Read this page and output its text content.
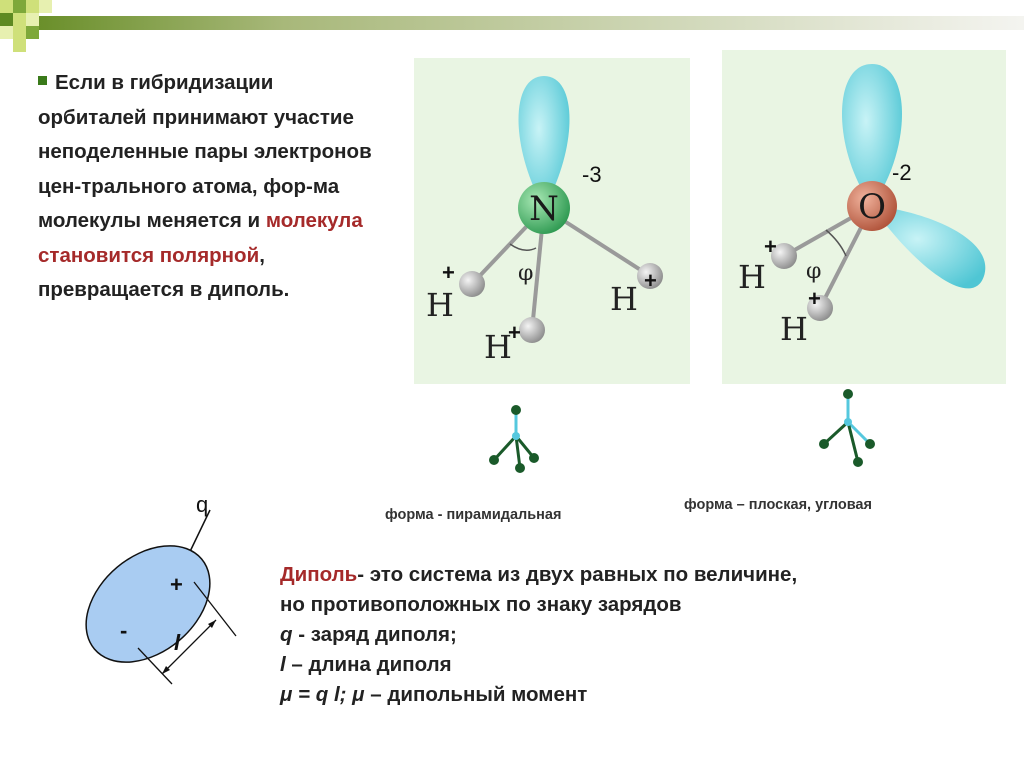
Если в гибридизации орбиталей принимают участие неподеленные пары электронов цен-трального атома, фор-ма молекулы меняется и молекула становится полярной, превращается в диполь.
N
-3
φ
H
H
H
+
+
+
O
-2
φ
H
H
+
+
форма - пирамидальная
форма – плоская, угловая
q
+
- l
Диполь- это система из двух равных по величине,
но противоположных по знаку зарядов
q - заряд диполя;
l – длина диполя
μ = q l; μ – дипольный момент
